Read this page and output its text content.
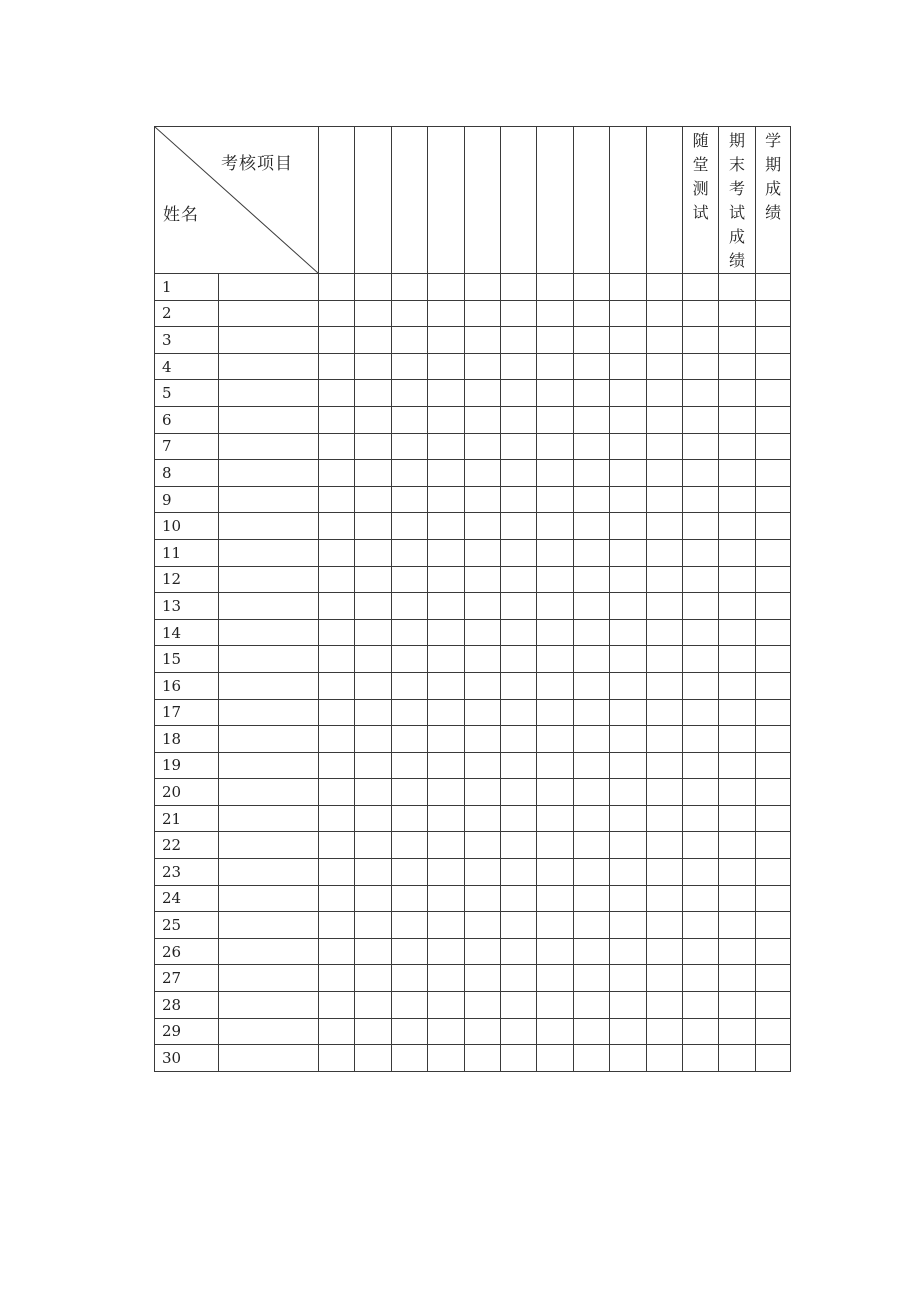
考核项目
姓名												随堂测试	期末考试成绩	学期成绩
1														
2														
3														
4														
5														
6														
7														
8														
9														
10														
11														
12														
13														
14														
15														
16														
17														
18														
19														
20														
21														
22														
23														
24														
25														
26														
27														
28														
29														
30														
